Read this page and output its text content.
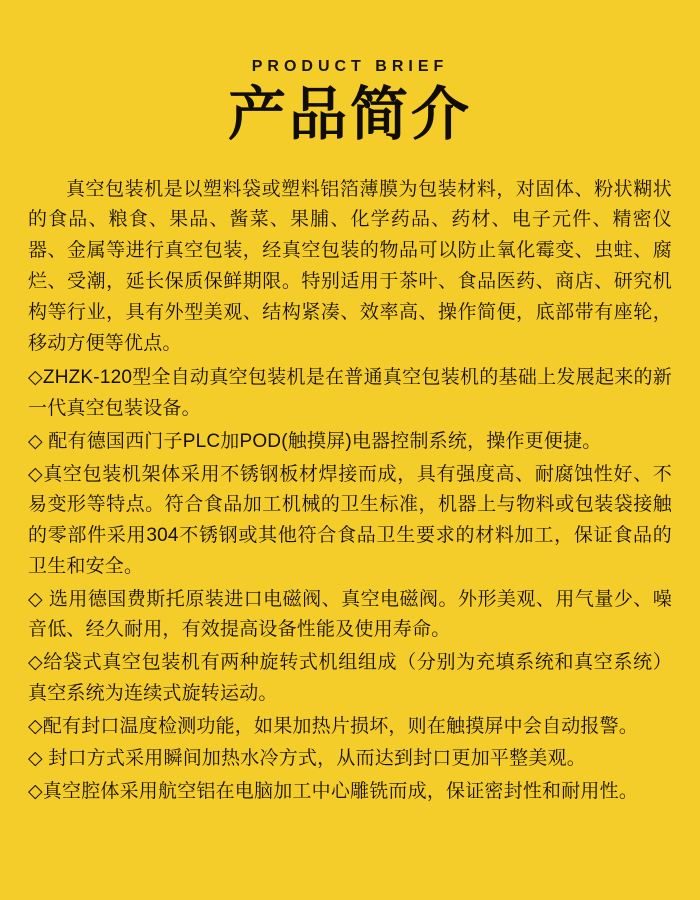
PRODUCT BRIEF

产品简介

真空包装机是以塑料袋或塑料铝箔薄膜为包装材料，对固体、粉状糊状的食品、粮食、果品、酱菜、果脯、化学药品、药材、电子元件、精密仪器、金属等进行真空包装，经真空包装的物品可以防止氧化霉变、虫蛀、腐烂、受潮，延长保质保鲜期限。特别适用于茶叶、食品医药、商店、研究机构等行业，具有外型美观、结构紧凑、效率高、操作简便，底部带有座轮，移动方便等优点。

◇ZHZK-120型全自动真空包装机是在普通真空包装机的基础上发展起来的新一代真空包装设备。

◇ 配有德国西门子PLC加POD(触摸屏)电器控制系统，操作更便捷。

◇真空包装机架体采用不锈钢板材焊接而成，具有强度高、耐腐蚀性好、不易变形等特点。符合食品加工机械的卫生标准，机器上与物料或包装袋接触的零部件采用304不锈钢或其他符合食品卫生要求的材料加工，保证食品的卫生和安全。

◇ 选用德国费斯托原装进口电磁阀、真空电磁阀。外形美观、用气量少、噪音低、经久耐用，有效提高设备性能及使用寿命。

◇给袋式真空包装机有两种旋转式机组组成（分别为充填系统和真空系统）真空系统为连续式旋转运动。

◇配有封口温度检测功能，如果加热片损坏，则在触摸屏中会自动报警。

◇ 封口方式采用瞬间加热水冷方式，从而达到封口更加平整美观。

◇真空腔体采用航空铝在电脑加工中心雕铣而成，保证密封性和耐用性。
